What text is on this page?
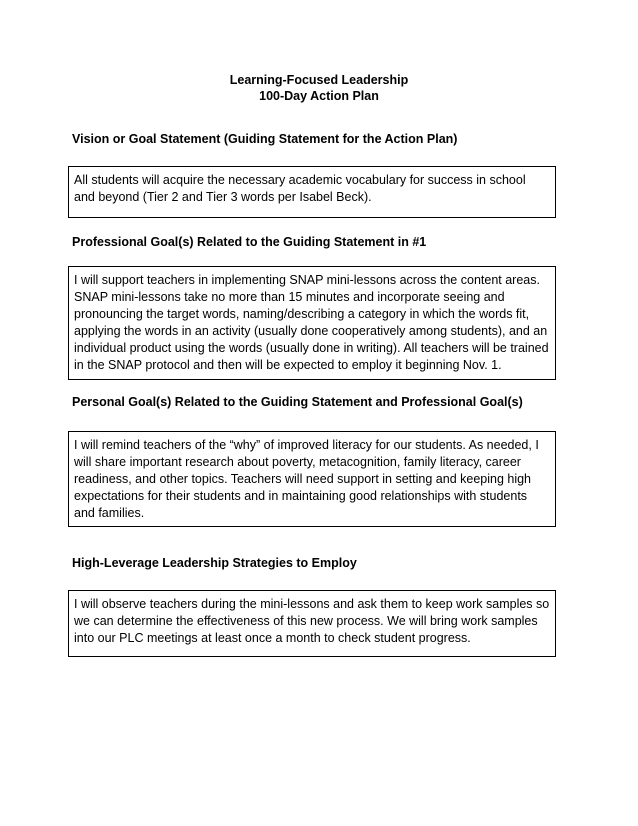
Learning-Focused Leadership
100-Day Action Plan
Vision or Goal Statement (Guiding Statement for the Action Plan)
All students will acquire the necessary academic vocabulary for success in school
and beyond (Tier 2 and Tier 3 words per Isabel Beck).
Professional Goal(s) Related to the Guiding Statement in #1
I will support teachers in implementing SNAP mini-lessons across the content areas.
SNAP mini-lessons take no more than 15 minutes and incorporate seeing and
pronouncing the target words, naming/describing a category in which the words fit,
applying the words in an activity (usually done cooperatively among students), and an
individual product using the words (usually done in writing). All teachers will be trained
in the SNAP protocol and then will be expected to employ it beginning Nov. 1.
Personal Goal(s) Related to the Guiding Statement and Professional Goal(s)
I will remind teachers of the “why” of improved literacy for our students. As needed, I
will share important research about poverty, metacognition, family literacy, career
readiness, and other topics. Teachers will need support in setting and keeping high
expectations for their students and in maintaining good relationships with students
and families.
High-Leverage Leadership Strategies to Employ
I will observe teachers during the mini-lessons and ask them to keep work samples so
we can determine the effectiveness of this new process. We will bring work samples
into our PLC meetings at least once a month to check student progress.
